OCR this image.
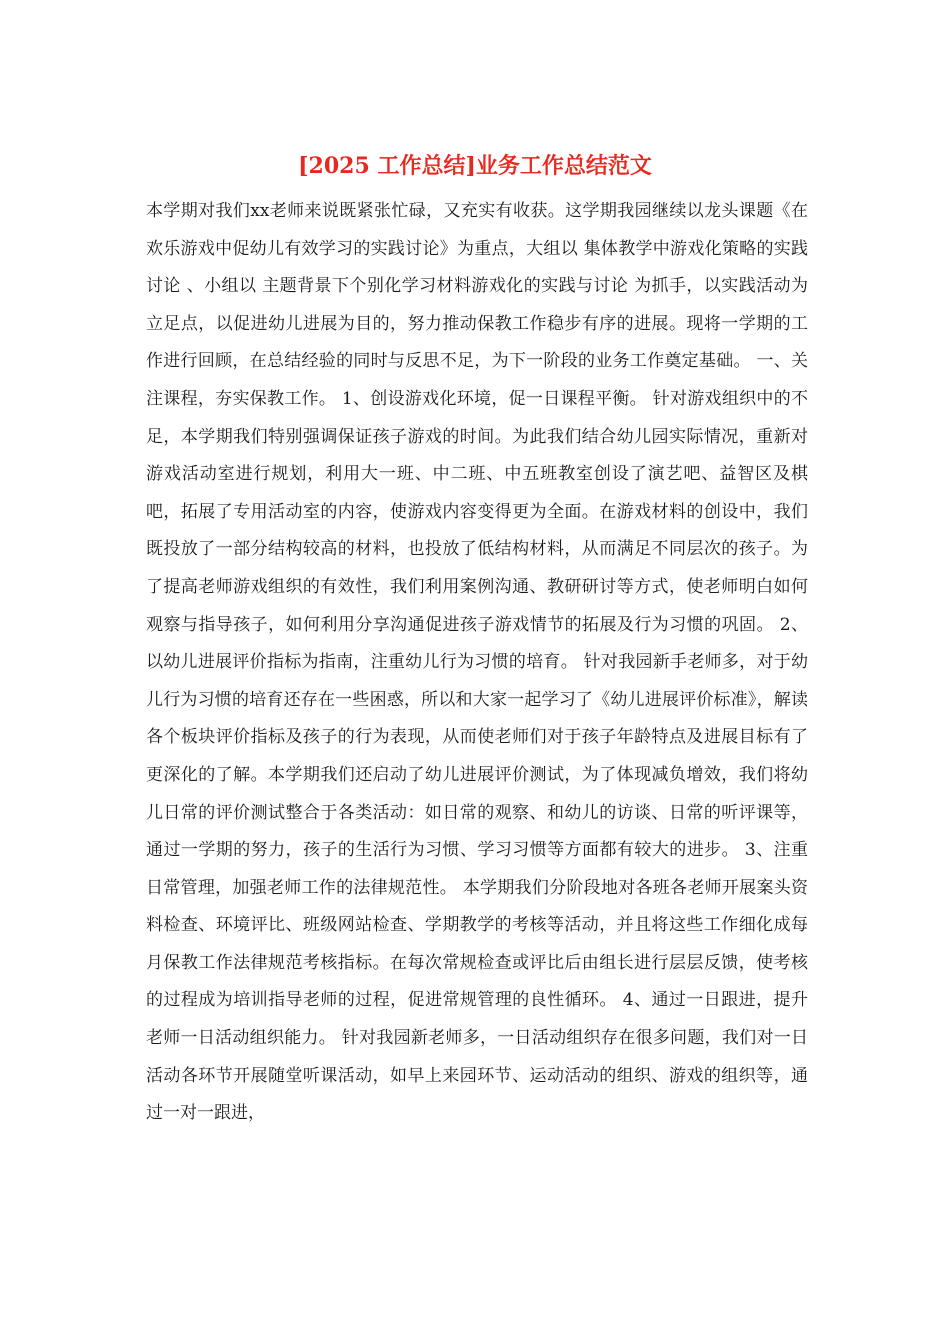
[2025 工作总结]业务工作总结范文

本学期对我们xx老师来说既紧张忙碌，又充实有收获。这学期我园继续以龙头课题《在欢乐游戏中促幼儿有效学习的实践讨论》为重点，大组以 集体教学中游戏化策略的实践讨论 、小组以 主题背景下个别化学习材料游戏化的实践与讨论 为抓手，以实践活动为立足点，以促进幼儿进展为目的，努力推动保教工作稳步有序的进展。现将一学期的工作进行回顾，在总结经验的同时与反思不足，为下一阶段的业务工作奠定基础。 一、关注课程，夯实保教工作。 1、创设游戏化环境，促一日课程平衡。 针对游戏组织中的不足，本学期我们特别强调保证孩子游戏的时间。为此我们结合幼儿园实际情况，重新对游戏活动室进行规划，利用大一班、中二班、中五班教室创设了演艺吧、益智区及棋吧，拓展了专用活动室的内容，使游戏内容变得更为全面。在游戏材料的创设中，我们既投放了一部分结构较高的材料，也投放了低结构材料，从而满足不同层次的孩子。为了提高老师游戏组织的有效性，我们利用案例沟通、教研研讨等方式，使老师明白如何观察与指导孩子，如何利用分享沟通促进孩子游戏情节的拓展及行为习惯的巩固。 2、以幼儿进展评价指标为指南，注重幼儿行为习惯的培育。 针对我园新手老师多，对于幼儿行为习惯的培育还存在一些困惑，所以和大家一起学习了《幼儿进展评价标准》，解读各个板块评价指标及孩子的行为表现，从而使老师们对于孩子年龄特点及进展目标有了更深化的了解。本学期我们还启动了幼儿进展评价测试，为了体现减负增效，我们将幼儿日常的评价测试整合于各类活动：如日常的观察、和幼儿的访谈、日常的听评课等，通过一学期的努力，孩子的生活行为习惯、学习习惯等方面都有较大的进步。 3、注重日常管理，加强老师工作的法律规范性。 本学期我们分阶段地对各班各老师开展案头资料检查、环境评比、班级网站检查、学期教学的考核等活动，并且将这些工作细化成每月保教工作法律规范考核指标。在每次常规检查或评比后由组长进行层层反馈，使考核的过程成为培训指导老师的过程，促进常规管理的良性循环。 4、通过一日跟进，提升老师一日活动组织能力。 针对我园新老师多，一日活动组织存在很多问题，我们对一日活动各环节开展随堂听课活动，如早上来园环节、运动活动的组织、游戏的组织等，通过一对一跟进，
